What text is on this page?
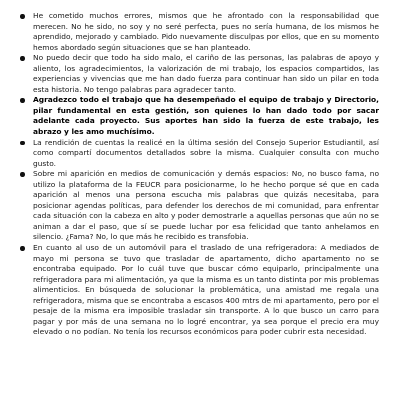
He cometido muchos errores, mismos que he afrontado con la responsabilidad que merecen. No he sido, no soy y no seré perfecta, pues no sería humana, de los mismos he aprendido, mejorado y cambiado. Pido nuevamente disculpas por ellos, que en su momento hemos abordado según situaciones que se han planteado.
No puedo decir que todo ha sido malo, el cariño de las personas, las palabras de apoyo y aliento, los agradecimientos, la valorización de mi trabajo, los espacios compartidos, las experiencias y vivencias que me han dado fuerza para continuar han sido un pilar en toda esta historia. No tengo palabras para agradecer tanto.
Agradezco todo el trabajo que ha desempeñado el equipo de trabajo y Directorio, pilar fundamental en esta gestión, son quienes lo han dado todo por sacar adelante cada proyecto. Sus aportes han sido la fuerza de este trabajo, les abrazo y les amo muchísimo.
La rendición de cuentas la realicé en la última sesión del Consejo Superior Estudiantil, así como compartí documentos detallados sobre la misma. Cualquier consulta con mucho gusto.
Sobre mi aparición en medios de comunicación y demás espacios: No, no busco fama, no utilizo la plataforma de la FEUCR para posicionarme, lo he hecho porque sé que en cada aparición al menos una persona escucha mis palabras que quizás necesitaba, para posicionar agendas políticas, para defender los derechos de mi comunidad, para enfrentar cada situación con la cabeza en alto y poder demostrarle a aquellas personas que aún no se animan a dar el paso, que sí se puede luchar por esa felicidad que tanto anhelamos en silencio. ¿Fama? No, lo que más he recibido es transfobia.
En cuanto al uso de un automóvil para el traslado de una refrigeradora: A mediados de mayo mi persona se tuvo que trasladar de apartamento, dicho apartamento no se encontraba equipado. Por lo cuál tuve que buscar cómo equiparlo, principalmente una refrigeradora para mi alimentación, ya que la misma es un tanto distinta por mis problemas alimenticios. En búsqueda de solucionar la problemática, una amistad me regala una refrigeradora, misma que se encontraba a escasos 400 mtrs de mi apartamento, pero por el pesaje de la misma era imposible trasladar sin transporte. A lo que busco un carro para pagar y por más de una semana no lo logré encontrar, ya sea porque el precio era muy elevado o no podían. No tenía los recursos económicos para poder cubrir esta necesidad.
